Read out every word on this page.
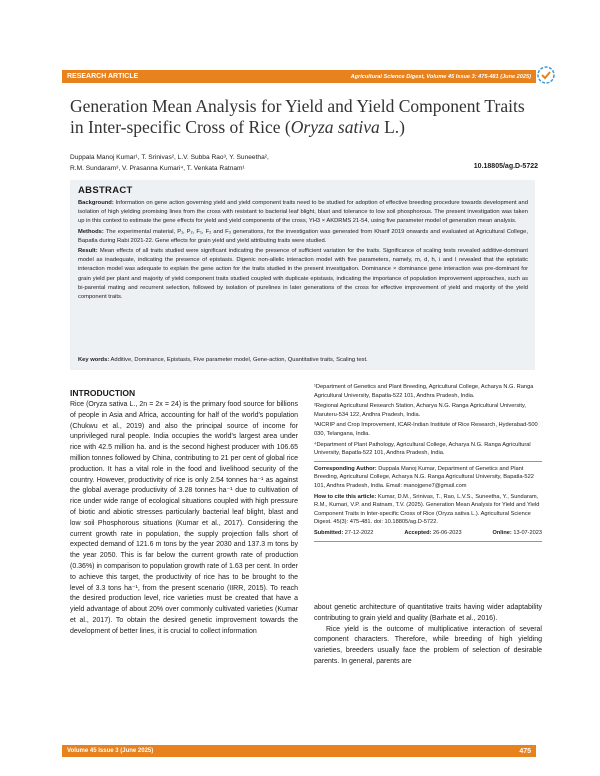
RESEARCH ARTICLE	Agricultural Science Digest, Volume 45 Issue 3: 475-481 (June 2025)
Generation Mean Analysis for Yield and Yield Component Traits in Inter-specific Cross of Rice (Oryza sativa L.)
Duppala Manoj Kumar¹, T. Srinivas², L.V. Subba Rao³, Y. Suneetha²,
R.M. Sundaram³, V. Prasanna Kumari⁴, T. Venkata Ratnam¹	10.18805/ag.D-5722
ABSTRACT

Background: Information on gene action governing yield and yield component traits need to be studied for adoption of effective breeding procedure towards development and isolation of high yielding promising lines from the cross with resistant to bacterial leaf blight, blast and tolerance to low soil phosphorous. The present investigation was taken up in this context to estimate the gene effects for yield and yield components of the cross, YH3 × AKDRMS 21-54, using five parameter model of generation mean analysis.

Methods: The experimental material, P₁, P₂, F₁, F₂ and F₃ generations, for the investigation was generated from Kharif 2019 onwards and evaluated at Agricultural College, Bapatla during Rabi 2021-22. Gene effects for grain yield and yield attributing traits were studied.

Result: Mean effects of all traits studied were significant indicating the presence of sufficient variation for the traits. Significance of scaling tests revealed additive-dominant model as inadequate, indicating the presence of epistasis. Digenic non-allelic interaction model with five parameters, namely, m, d, h, i and l revealed that the epistatic interaction model was adequate to explain the gene action for the traits studied in the present investigation. Dominance × dominance gene interaction was pre-dominant for grain yield per plant and majority of yield component traits studied coupled with duplicate epistasis, indicating the importance of population improvement approaches, such as bi-parental mating and recurrent selection, followed by isolation of purelines in later generations of the cross for effective improvement of yield and majority of the yield component traits.

Key words: Additive, Dominance, Epistasis, Five parameter model, Gene-action, Quantitative traits, Scaling test.
INTRODUCTION
Rice (Oryza sativa L., 2n = 2x = 24) is the primary food source for billions of people in Asia and Africa, accounting for half of the world's population (Chukwu et al., 2019) and also the principal source of income for unprivileged rural people. India occupies the world's largest area under rice with 42.5 million ha. and is the second highest producer with 106.65 million tonnes followed by China, contributing to 21 per cent of global rice production. It has a vital role in the food and livelihood security of the country. However, productivity of rice is only 2.54 tonnes ha⁻¹ as against the global average productivity of 3.28 tonnes ha⁻¹ due to cultivation of rice under wide range of ecological situations coupled with high pressure of biotic and abiotic stresses particularly bacterial leaf blight, blast and low soil Phosphorous situations (Kumar et al., 2017). Considering the current growth rate in population, the supply projection falls short of expected demand of 121.6 m tons by the year 2030 and 137.3 m tons by the year 2050. This is far below the current growth rate of production (0.36%) in comparison to population growth rate of 1.63 per cent. In order to achieve this target, the productivity of rice has to be brought to the level of 3.3 tons ha⁻¹, from the present scenario (IIRR, 2015). To reach the desired production level, rice varieties must be created that have a yield advantage of about 20% over commonly cultivated varieties (Kumar et al., 2017). To obtain the desired genetic improvement towards the development of better lines, it is crucial to collect information
¹Department of Genetics and Plant Breeding, Agricultural College, Acharya N.G. Ranga Agricultural University, Bapatla-522 101, Andhra Pradesh, India.
²Regional Agricultural Research Station, Acharya N.G. Ranga Agricultural University, Maruteru-534 122, Andhra Pradesh, India.
³AICRIP and Crop Improvement, ICAR-Indian Institute of Rice Research, Hyderabad-500 030, Telangana, India.
⁴Department of Plant Pathology, Agricultural College, Acharya N.G. Ranga Agricultural University, Bapatla-522 101, Andhra Pradesh, India.
Corresponding Author: Duppala Manoj Kumar, Department of Genetics and Plant Breeding, Agricultural College, Acharya N.G. Ranga Agricultural University, Bapatla-522 101, Andhra Pradesh, India. Email: manojgene7@gmail.com
How to cite this article: Kumar, D.M., Srinivas, T., Rao, L.V.S., Suneetha, Y., Sundaram, R.M., Kumari, V.P. and Ratnam, T.V. (2025). Generation Mean Analysis for Yield and Yield Component Traits in Inter-specific Cross of Rice (Oryza sativa L.). Agricultural Science Digest. 45(3): 475-481. doi: 10.18805/ag.D-5722.
Submitted: 27-12-2022	Accepted: 26-06-2023	Online: 13-07-2023

about genetic architecture of quantitative traits having wider adaptability contributing to grain yield and quality (Barhate et al., 2016).

Rice yield is the outcome of multiplicative interaction of several component characters. Therefore, while breeding of high yielding varieties, breeders usually face the problem of selection of desirable parents. In general, parents are

Volume 45 Issue 3 (June 2025)	475
